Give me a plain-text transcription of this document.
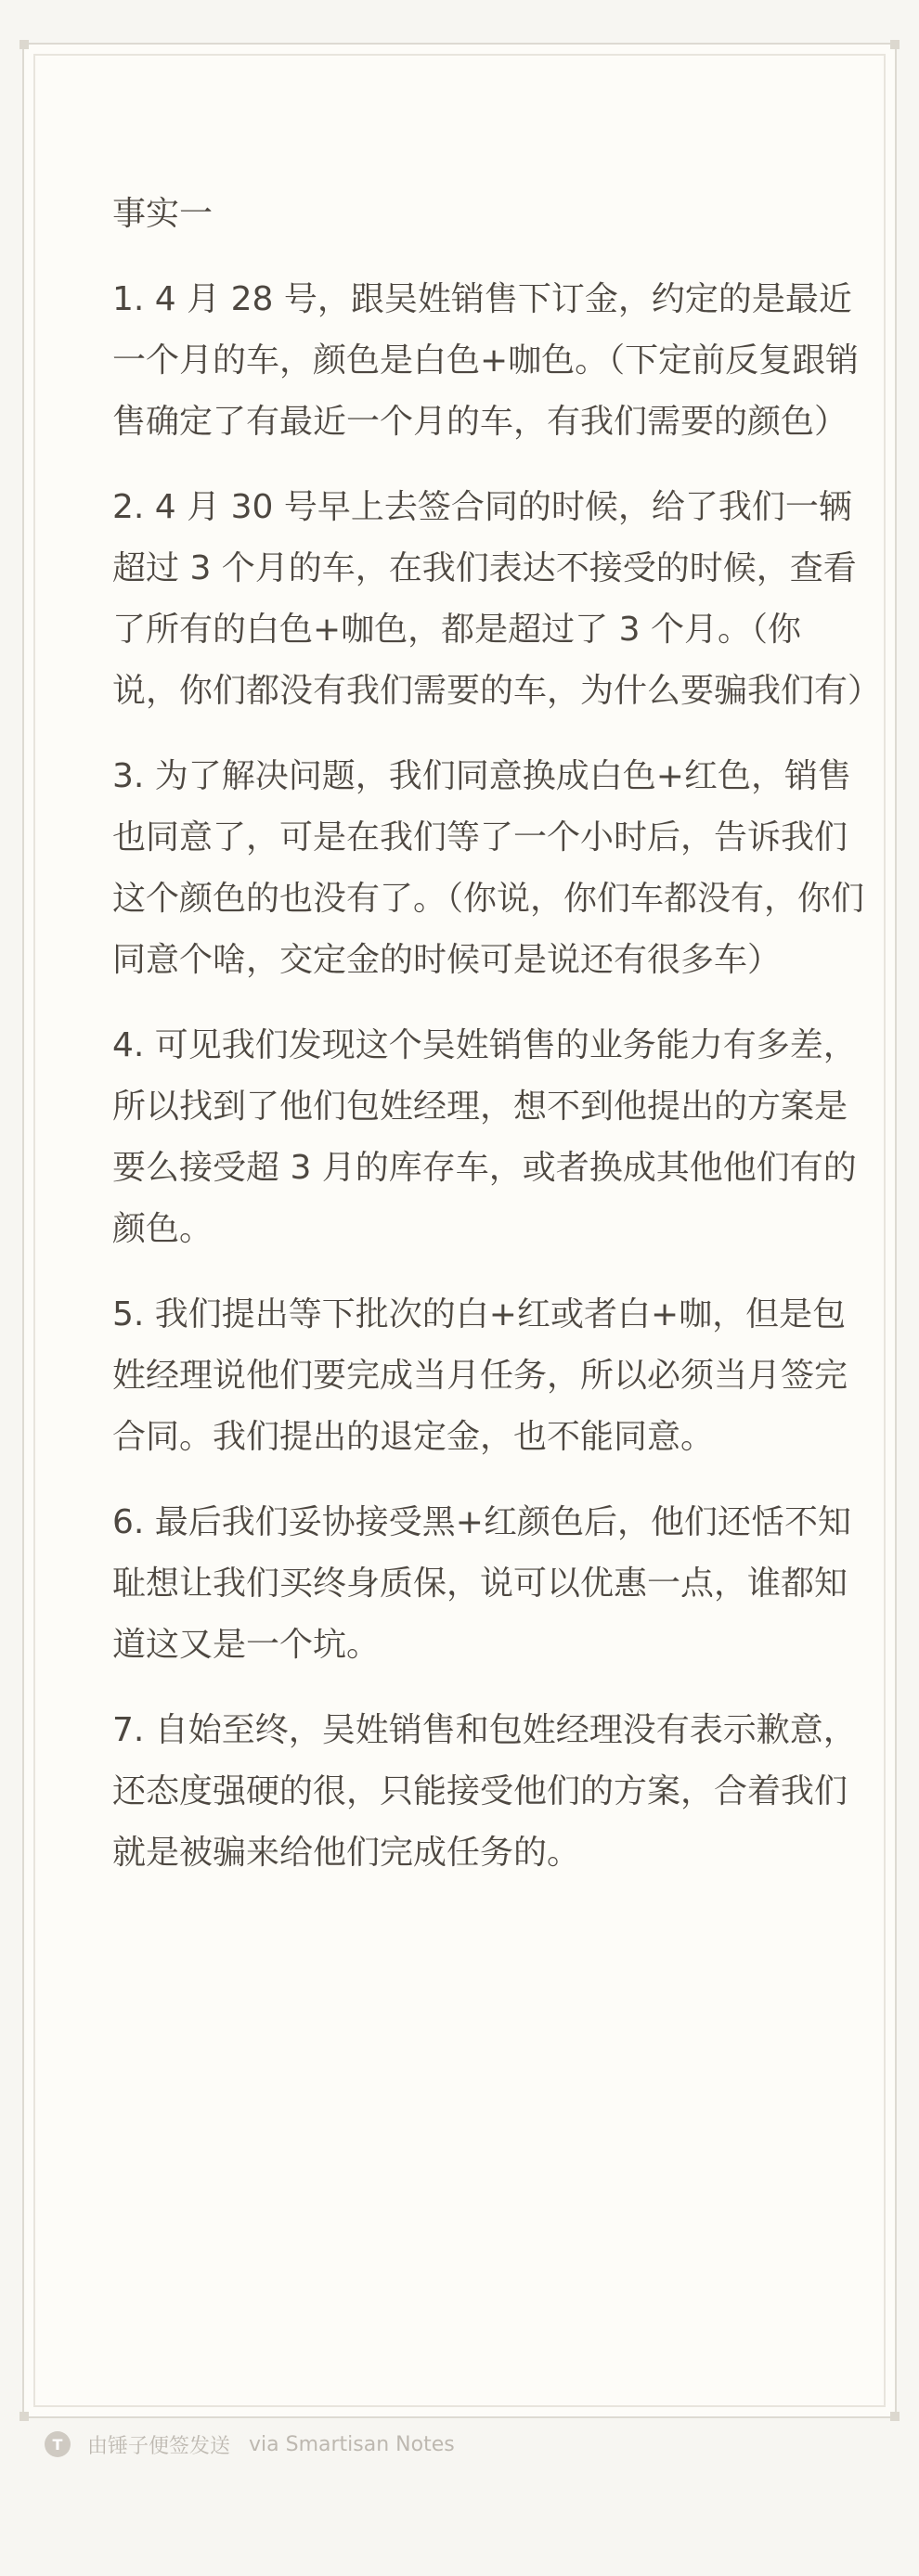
事实一

1. 4 月 28 号，跟吴姓销售下订金，约定的是最近一个月的车，颜色是白色+咖色。（下定前反复跟销售确定了有最近一个月的车，有我们需要的颜色）

2. 4 月 30 号早上去签合同的时候，给了我们一辆超过 3 个月的车，在我们表达不接受的时候，查看了所有的白色+咖色，都是超过了 3 个月。（你说，你们都没有我们需要的车，为什么要骗我们有）

3. 为了解决问题，我们同意换成白色+红色，销售也同意了，可是在我们等了一个小时后，告诉我们这个颜色的也没有了。（你说，你们车都没有，你们同意个啥，交定金的时候可是说还有很多车）

4. 可见我们发现这个吴姓销售的业务能力有多差，所以找到了他们包姓经理，想不到他提出的方案是要么接受超 3 月的库存车，或者换成其他他们有的颜色。

5. 我们提出等下批次的白+红或者白+咖，但是包姓经理说他们要完成当月任务，所以必须当月签完合同。我们提出的退定金，也不能同意。

6. 最后我们妥协接受黑+红颜色后，他们还恬不知耻想让我们买终身质保，说可以优惠一点，谁都知道这又是一个坑。

7. 自始至终，吴姓销售和包姓经理没有表示歉意，还态度强硬的很，只能接受他们的方案，合着我们就是被骗来给他们完成任务的。

T	由锤子便签发送 via Smartisan Notes
